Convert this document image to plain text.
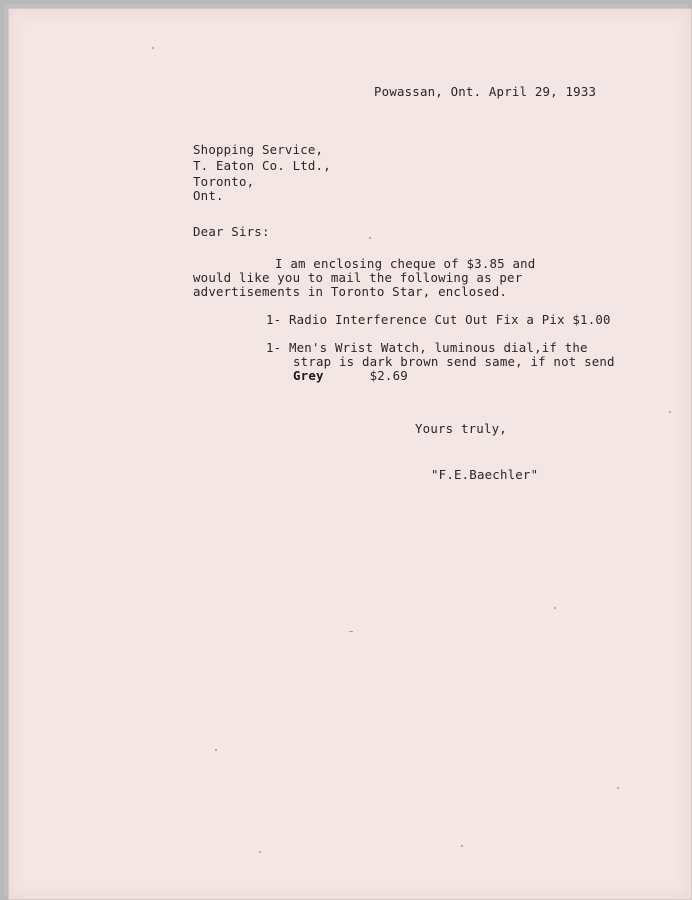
Powassan, Ont. April 29, 1933
Shopping Service,
T. Eaton Co. Ltd.,
Toronto,
Ont.
Dear Sirs:
I am enclosing cheque of $3.85 and
would like you to mail the following as per
advertisements in Toronto Star, enclosed.
1- Radio Interference Cut Out Fix a Pix $1.00
1- Men's Wrist Watch, luminous dial,if the
strap is dark brown send same, if not send
Grey	$2.69
Yours truly,
"F.E.Baechler"
